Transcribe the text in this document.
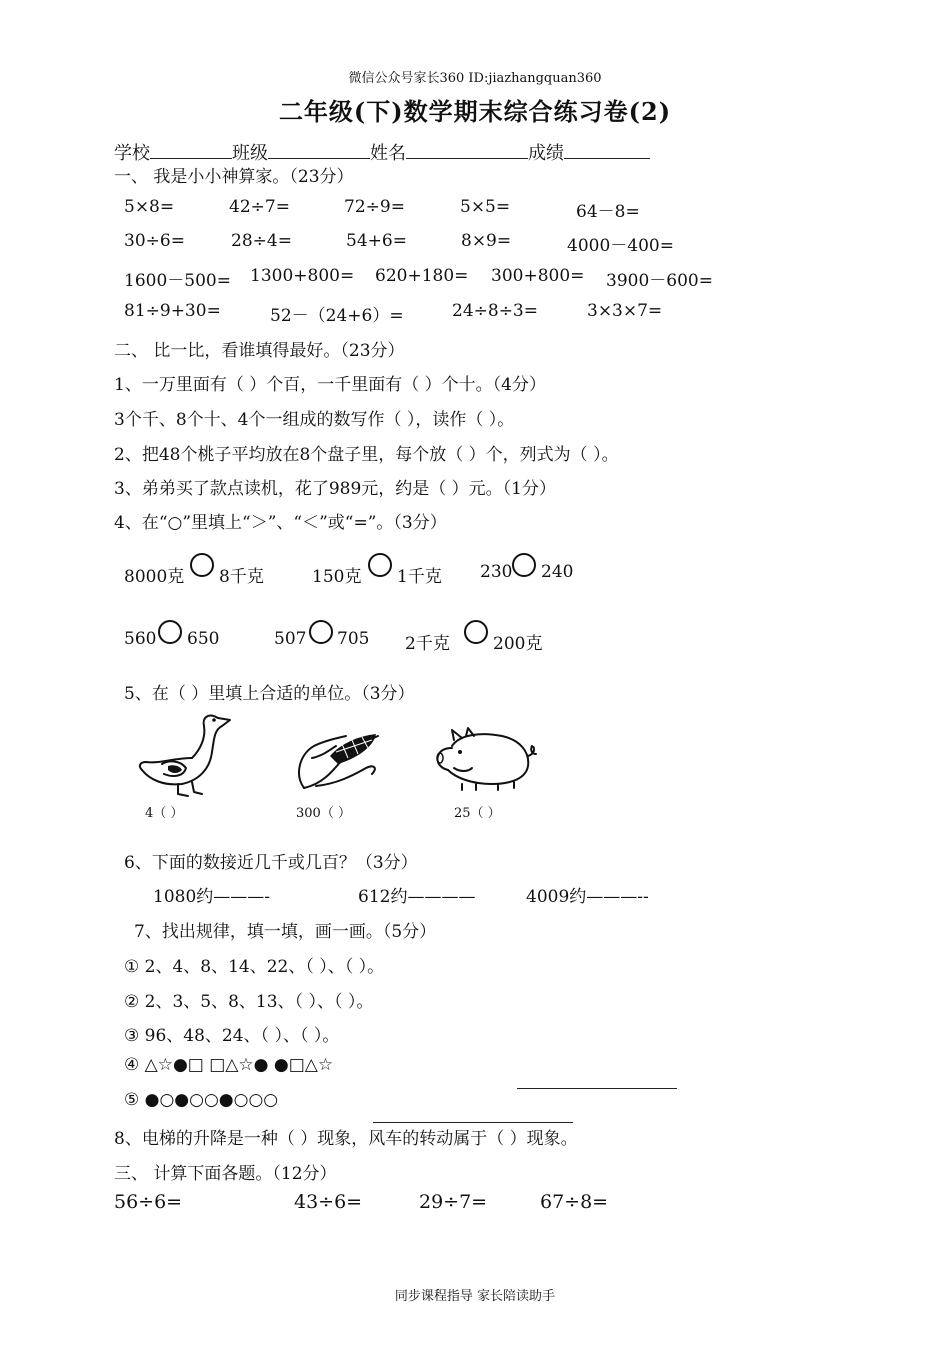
微信公众号家长360 ID:jiazhangquan360
二年级(下)数学期末综合练习卷(2)
学校	班级	姓名	成绩
一、 我是小小神算家。（23分）
5×8=	42÷7=	72÷9=	5×5=	64－8=
30÷6=	28÷4=	54+6=	8×9=	4000－400=
1600－500= 1300+800= 620+180= 300+800= 3900－600=
81÷9+30=	52－（24+6）=	24÷8÷3=	3×3×7=
二、 比一比，看谁填得最好。（23分）
1、一万里面有（ ）个百，一千里面有（ ）个十。（4分）
3个千、8个十、4个一组成的数写作（ ），读作（ ）。
2、把48个桃子平均放在8个盘子里，每个放（ ）个，列式为（ ）。
3、弟弟买了款点读机，花了989元，约是（ ）元。（1分）
4、在“○”里填上“＞”、“＜”或“=”。（3分）
8000克 8千克	150克 1千克 230 240
560 650	507 705 2千克	200克
5、在（ ）里填上合适的单位。（3分）
4（ ）	300（ ）	25（ ）
6、下面的数接近几千或几百？（3分）
1080约———-	612约————	4009约———--
7、找出规律，填一填，画一画。（5分）
① 2、4、8、14、22、（ ）、（ ）。
② 2、3、5、8、13、（ ）、（ ）。
③ 96、48、24、（ ）、（ ）。
④ △☆●□ □△☆● ●□△☆
⑤ ●○●○○●○○○
8、电梯的升降是一种（ ）现象，风车的转动属于（ ）现象。
三、 计算下面各题。（12分）
56÷6=	43÷6=	29÷7=	67÷8=
同步课程指导 家长陪读助手
